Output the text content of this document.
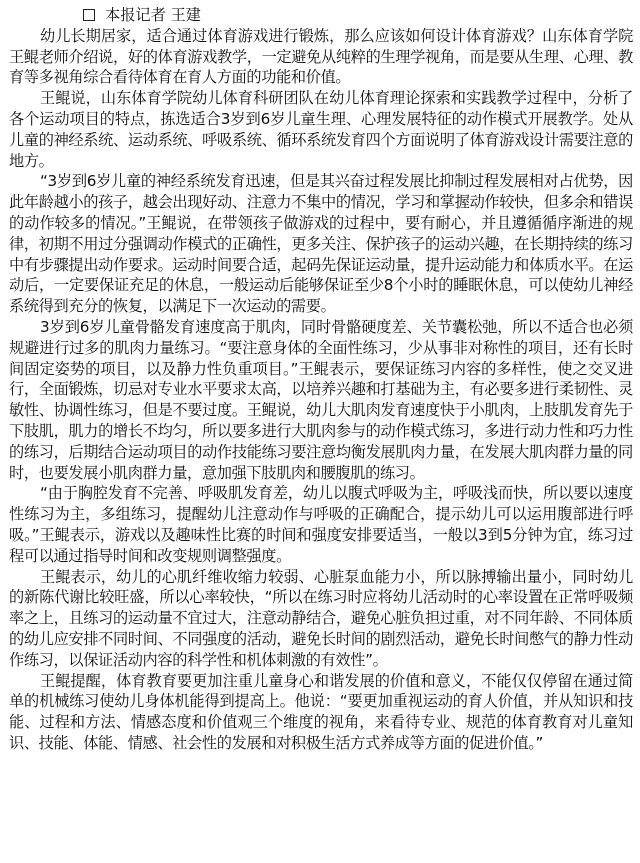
本报记者 王建

幼儿长期居家，适合通过体育游戏进行锻炼，那么应该如何设计体育游戏？山东体育学院王鲲老师介绍说，好的体育游戏教学，一定避免从纯粹的生理学视角，而是要从生理、心理、教育等多视角综合看待体育在育人方面的功能和价值。

王鲲说，山东体育学院幼儿体育科研团队在幼儿体育理论探索和实践教学过程中，分析了各个运动项目的特点，拣选适合3岁到6岁儿童生理、心理发展特征的动作模式开展教学。处从儿童的神经系统、运动系统、呼吸系统、循环系统发育四个方面说明了体育游戏设计需要注意的地方。

“3岁到6岁儿童的神经系统发育迅速，但是其兴奋过程发展比抑制过程发展相对占优势，因此年龄越小的孩子，越会出现好动、注意力不集中的情况，学习和掌握动作较快，但多余和错误的动作较多的情况。”王鲲说，在带领孩子做游戏的过程中，要有耐心，并且遵循循序渐进的规律，初期不用过分强调动作模式的正确性，更多关注、保护孩子的运动兴趣，在长期持续的练习中有步骤提出动作要求。运动时间要合适，起码先保证运动量，提升运动能力和体质水平。在运动后，一定要保证充足的休息，一般运动后能够保证至少8个小时的睡眠休息，可以使幼儿神经系统得到充分的恢复，以满足下一次运动的需要。

3岁到6岁儿童骨骼发育速度高于肌肉，同时骨骼硬度差、关节囊松弛，所以不适合也必须规避进行过多的肌肉力量练习。“要注意身体的全面性练习，少从事非对称性的项目，还有长时间固定姿势的项目，以及静力性负重项目。”王鲲表示，要保证练习内容的多样性，使之交叉进行，全面锻炼，切忌对专业水平要求太高，以培养兴趣和打基础为主，有必要多进行柔韧性、灵敏性、协调性练习，但是不要过度。王鲲说，幼儿大肌肉发育速度快于小肌肉，上肢肌发育先于下肢肌，肌力的增长不均匀，所以要多进行大肌肉参与的动作模式练习，多进行动力性和巧力性的练习，后期结合运动项目的动作技能练习要注意均衡发展肌肉力量，在发展大肌肉群力量的同时，也要发展小肌肉群力量，意加强下肢肌肉和腰腹肌的练习。

“由于胸腔发育不完善、呼吸肌发育差，幼儿以腹式呼吸为主，呼吸浅而快，所以要以速度性练习为主，多组练习，提醒幼儿注意动作与呼吸的正确配合，提示幼儿可以运用腹部进行呼吸。”王鲲表示，游戏以及趣味性比赛的时间和强度安排要适当，一般以3到5分钟为宜，练习过程可以通过指导时间和改变规则调整强度。

王鲲表示，幼儿的心肌纤维收缩力较弱、心脏泵血能力小，所以脉搏输出量小，同时幼儿的新陈代谢比较旺盛，所以心率较快，“所以在练习时应将幼儿活动时的心率设置在正常呼吸频率之上，且练习的运动量不宜过大，注意动静结合，避免心脏负担过重，对不同年龄、不同体质的幼儿应安排不同时间、不同强度的活动，避免长时间的剧烈活动，避免长时间憋气的静力性动作练习，以保证活动内容的科学性和机体刺激的有效性”。

王鲲提醒，体育教育要更加注重儿童身心和谐发展的价值和意义，不能仅仅停留在通过简单的机械练习使幼儿身体机能得到提高上。他说：“要更加重视运动的育人价值，并从知识和技能、过程和方法、情感态度和价值观三个维度的视角，来看待专业、规范的体育教育对儿童知识、技能、体能、情感、社会性的发展和对积极生活方式养成等方面的促进价值。”
